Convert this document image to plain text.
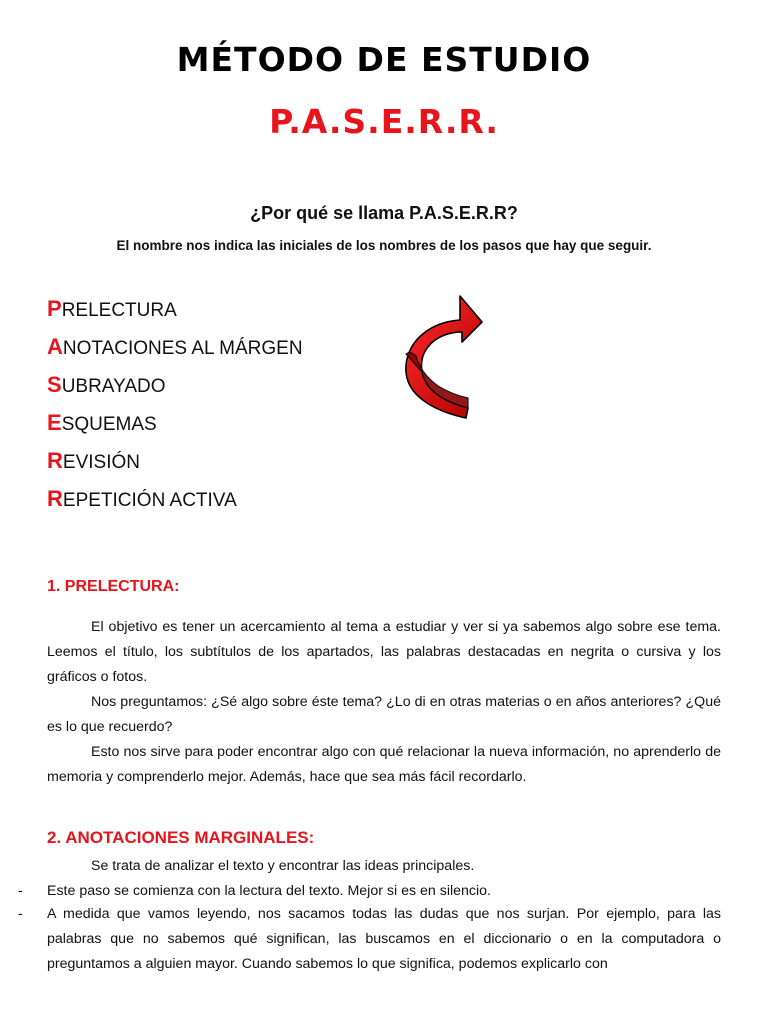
MÉTODO DE ESTUDIO
P.A.S.E.R.R.
¿Por qué se llama P.A.S.E.R.R?
El nombre nos indica las iniciales de los nombres de los pasos que hay que seguir.
PRELECTURA
ANOTACIONES AL MÁRGEN
SUBRAYADO
ESQUEMAS
REVISIÓN
REPETICIÓN ACTIVA
1. PRELECTURA:

El objetivo es tener un acercamiento al tema a estudiar y ver si ya sabemos algo sobre ese tema. Leemos el título, los subtítulos de los apartados, las palabras destacadas en negrita o cursiva y los gráficos o fotos.

Nos preguntamos: ¿Sé algo sobre éste tema? ¿Lo di en otras materias o en años anteriores? ¿Qué es lo que recuerdo?

Esto nos sirve para poder encontrar algo con qué relacionar la nueva información, no aprenderlo de memoria y comprenderlo mejor. Además, hace que sea más fácil recordarlo.

2. ANOTACIONES MARGINALES:

Se trata de analizar el texto y encontrar las ideas principales.

- Este paso se comienza con la lectura del texto. Mejor si es en silencio.
- A medida que vamos leyendo, nos sacamos todas las dudas que nos surjan. Por ejemplo, para las palabras que no sabemos qué significan, las buscamos en el diccionario o en la computadora o preguntamos a alguien mayor. Cuando sabemos lo que significa, podemos explicarlo con
